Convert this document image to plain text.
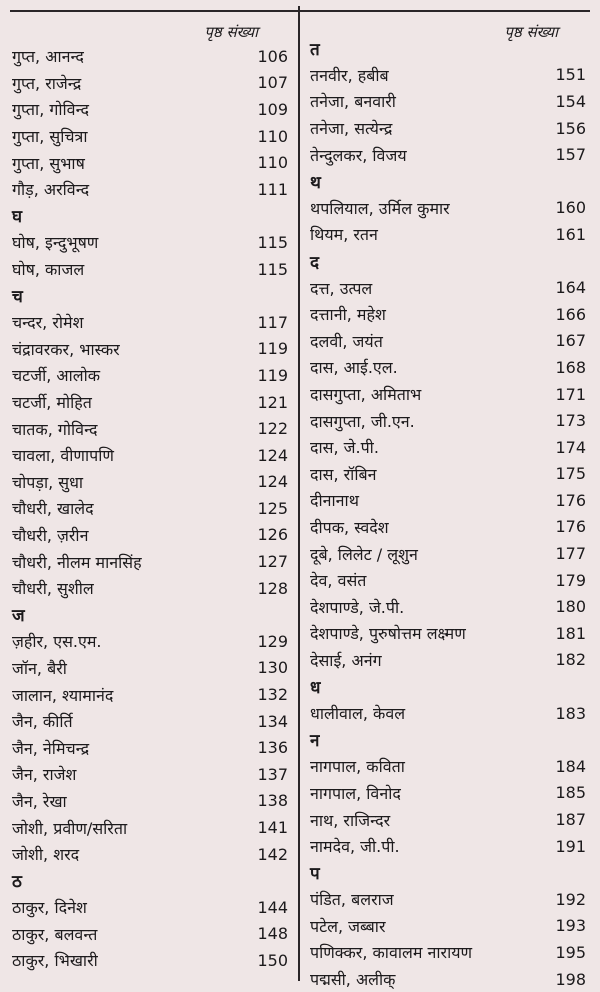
पृष्ठ संख्या
गुप्त, आनन्द	106
गुप्त, राजेन्द्र	107
गुप्ता, गोविन्द	109
गुप्ता, सुचित्रा	110
गुप्ता, सुभाष	110
गौड़, अरविन्द	111
घ
घोष, इन्दुभूषण	115
घोष, काजल	115
च
चन्दर, रोमेश	117
चंद्रावरकर, भास्कर	119
चटर्जी, आलोक	119
चटर्जी, मोहित	121
चातक, गोविन्द	122
चावला, वीणापणि	124
चोपड़ा, सुधा	124
चौधरी, खालेद	125
चौधरी, ज़रीन	126
चौधरी, नीलम मानसिंह	127
चौधरी, सुशील	128
ज
ज़हीर, एस.एम.	129
जॉन, बैरी	130
जालान, श्यामानंद	132
जैन, कीर्ति	134
जैन, नेमिचन्द्र	136
जैन, राजेश	137
जैन, रेखा	138
जोशी, प्रवीण/सरिता	141
जोशी, शरद	142
ठ
ठाकुर, दिनेश	144
ठाकुर, बलवन्त	148
ठाकुर, भिखारी	150
पृष्ठ संख्या
त
तनवीर, हबीब	151
तनेजा, बनवारी	154
तनेजा, सत्येन्द्र	156
तेन्दुलकर, विजय	157
थ
थपलियाल, उर्मिल कुमार	160
थियम, रतन	161
द
दत्त, उत्पल	164
दत्तानी, महेश	166
दलवी, जयंत	167
दास, आई.एल.	168
दासगुप्ता, अमिताभ	171
दासगुप्ता, जी.एन.	173
दास, जे.पी.	174
दास, रॉबिन	175
दीनानाथ	176
दीपक, स्वदेश	176
दूबे, लिलेट / लूशुन	177
देव, वसंत	179
देशपाण्डे, जे.पी.	180
देशपाण्डे, पुरुषोत्तम लक्ष्मण	181
देसाई, अनंग	182
ध
धालीवाल, केवल	183
न
नागपाल, कविता	184
नागपाल, विनोद	185
नाथ, राजिन्दर	187
नामदेव, जी.पी.	191
प
पंडित, बलराज	192
पटेल, जब्बार	193
पणिक्कर, कावालम नारायण	195
पद्मसी, अलीक्	198
